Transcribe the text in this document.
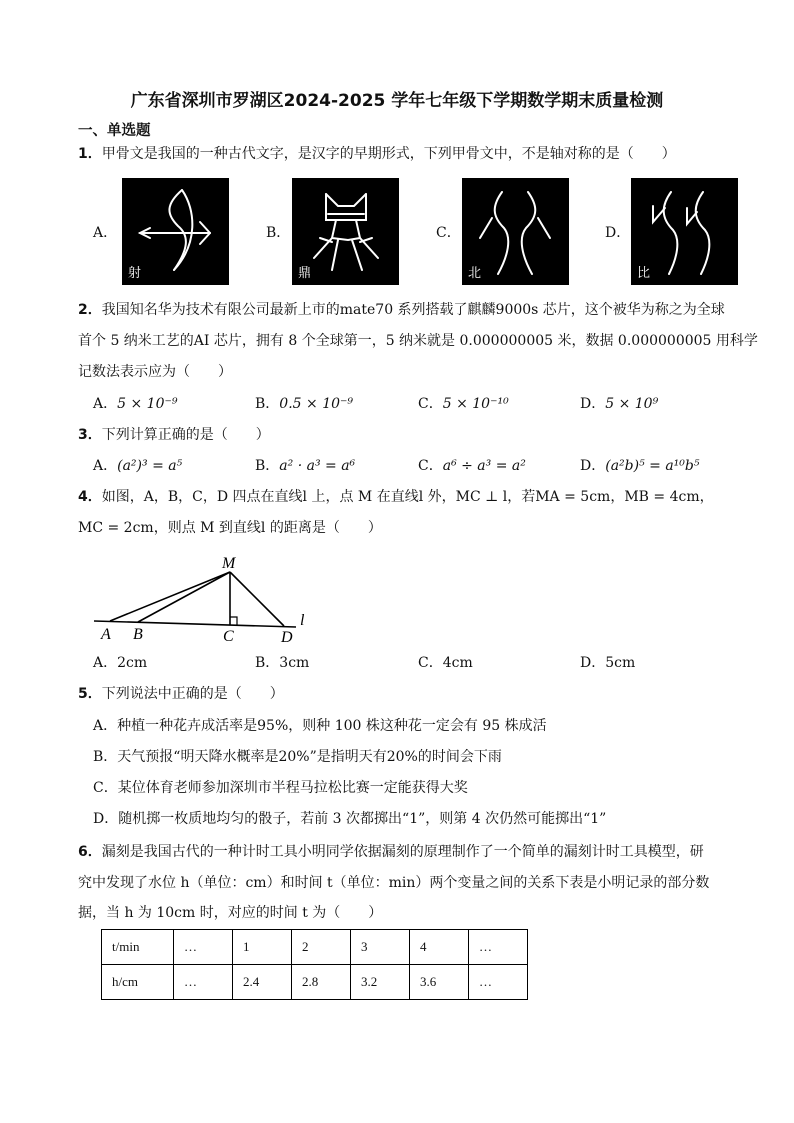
广东省深圳市罗湖区2024-2025 学年七年级下学期数学期末质量检测
一、单选题
1．甲骨文是我国的一种古代文字，是汉字的早期形式，下列甲骨文中，不是轴对称的是（　　）
A．
射
B．
鼎
C．
北
D．
比
2．我国知名华为技术有限公司最新上市的mate70 系列搭载了麒麟9000s 芯片，这个被华为称之为全球
首个 5 纳米工艺的AI 芯片，拥有 8 个全球第一，5 纳米就是 0.000000005 米，数据 0.000000005 用科学
记数法表示应为（　　）
A．5 × 10⁻⁹	B．0.5 × 10⁻⁹	C．5 × 10⁻¹⁰	D．5 × 10⁹
3．下列计算正确的是（　　）
A．(a²)³ = a⁵	B．a² · a³ = a⁶	C．a⁶ ÷ a³ = a²	D．(a²b)⁵ = a¹⁰b⁵
4．如图，A，B，C，D 四点在直线l 上，点 M 在直线l 外，MC ⊥ l，若MA = 5cm，MB = 4cm，
MC = 2cm，则点 M 到直线l 的距离是（　　）
M
A B	C	D
l
A．2cm	B．3cm	C．4cm	D．5cm
5．下列说法中正确的是（　　）
A．种植一种花卉成活率是95%，则种 100 株这种花一定会有 95 株成活
B．天气预报“明天降水概率是20%”是指明天有20%的时间会下雨
C．某位体育老师参加深圳市半程马拉松比赛一定能获得大奖
D．随机掷一枚质地均匀的骰子，若前 3 次都掷出“1”，则第 4 次仍然可能掷出“1”
6．漏刻是我国古代的一种计时工具小明同学依据漏刻的原理制作了一个简单的漏刻计时工具模型，研
究中发现了水位 h（单位：cm）和时间 t（单位：min）两个变量之间的关系下表是小明记录的部分数
据，当 h 为 10cm 时，对应的时间 t 为（　　）
t/min	…	1	2	3	4	…
h/cm	…	2.4	2.8	3.2	3.6	…
